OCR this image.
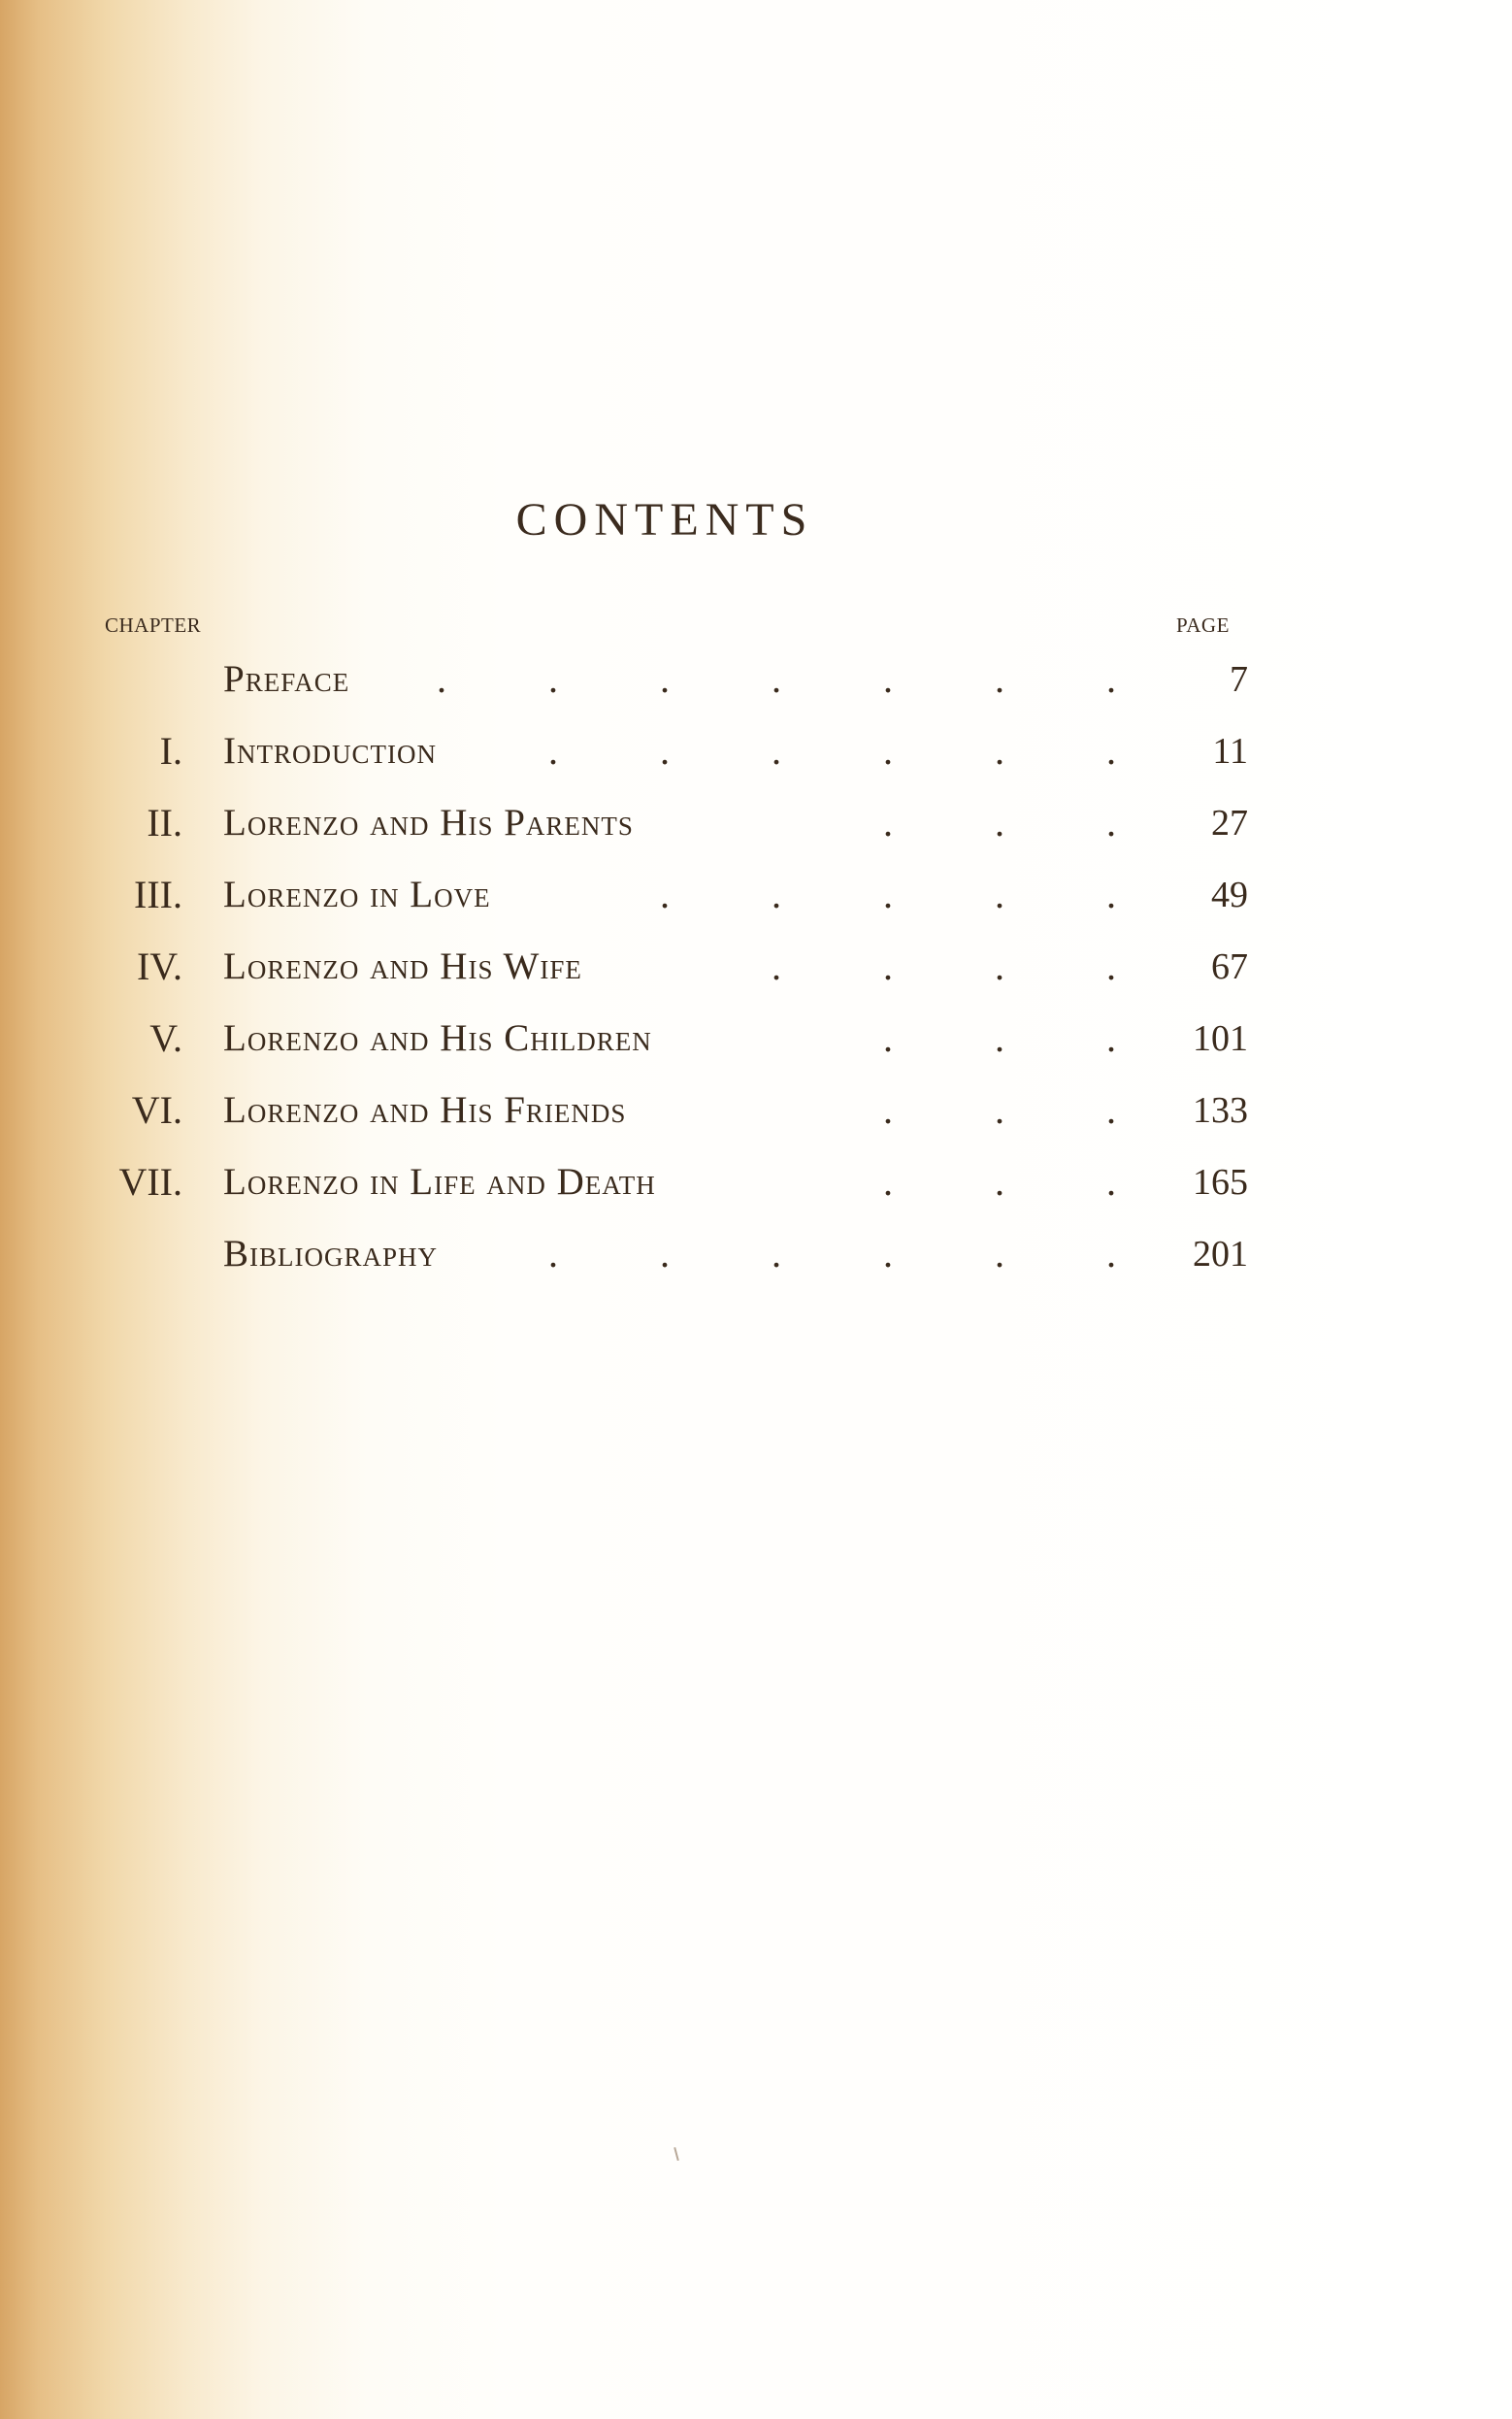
CONTENTS
CHAPTER	PAGE
Preface .	.	.	.	.	.	.	7
I. Introduction	.	.	.	.	.	.	11
II. Lorenzo and His Parents	.	.	.	27
III. Lorenzo in Love	.	.	.	.	.	49
IV. Lorenzo and His Wife	.	.	.	.	67
V. Lorenzo and His Children	.	.	. 101
VI. Lorenzo and His Friends	.	.	. 133
VII. Lorenzo in Life and Death	.	.	. 165
Bibliography	.	.	.	.	.	. 201
